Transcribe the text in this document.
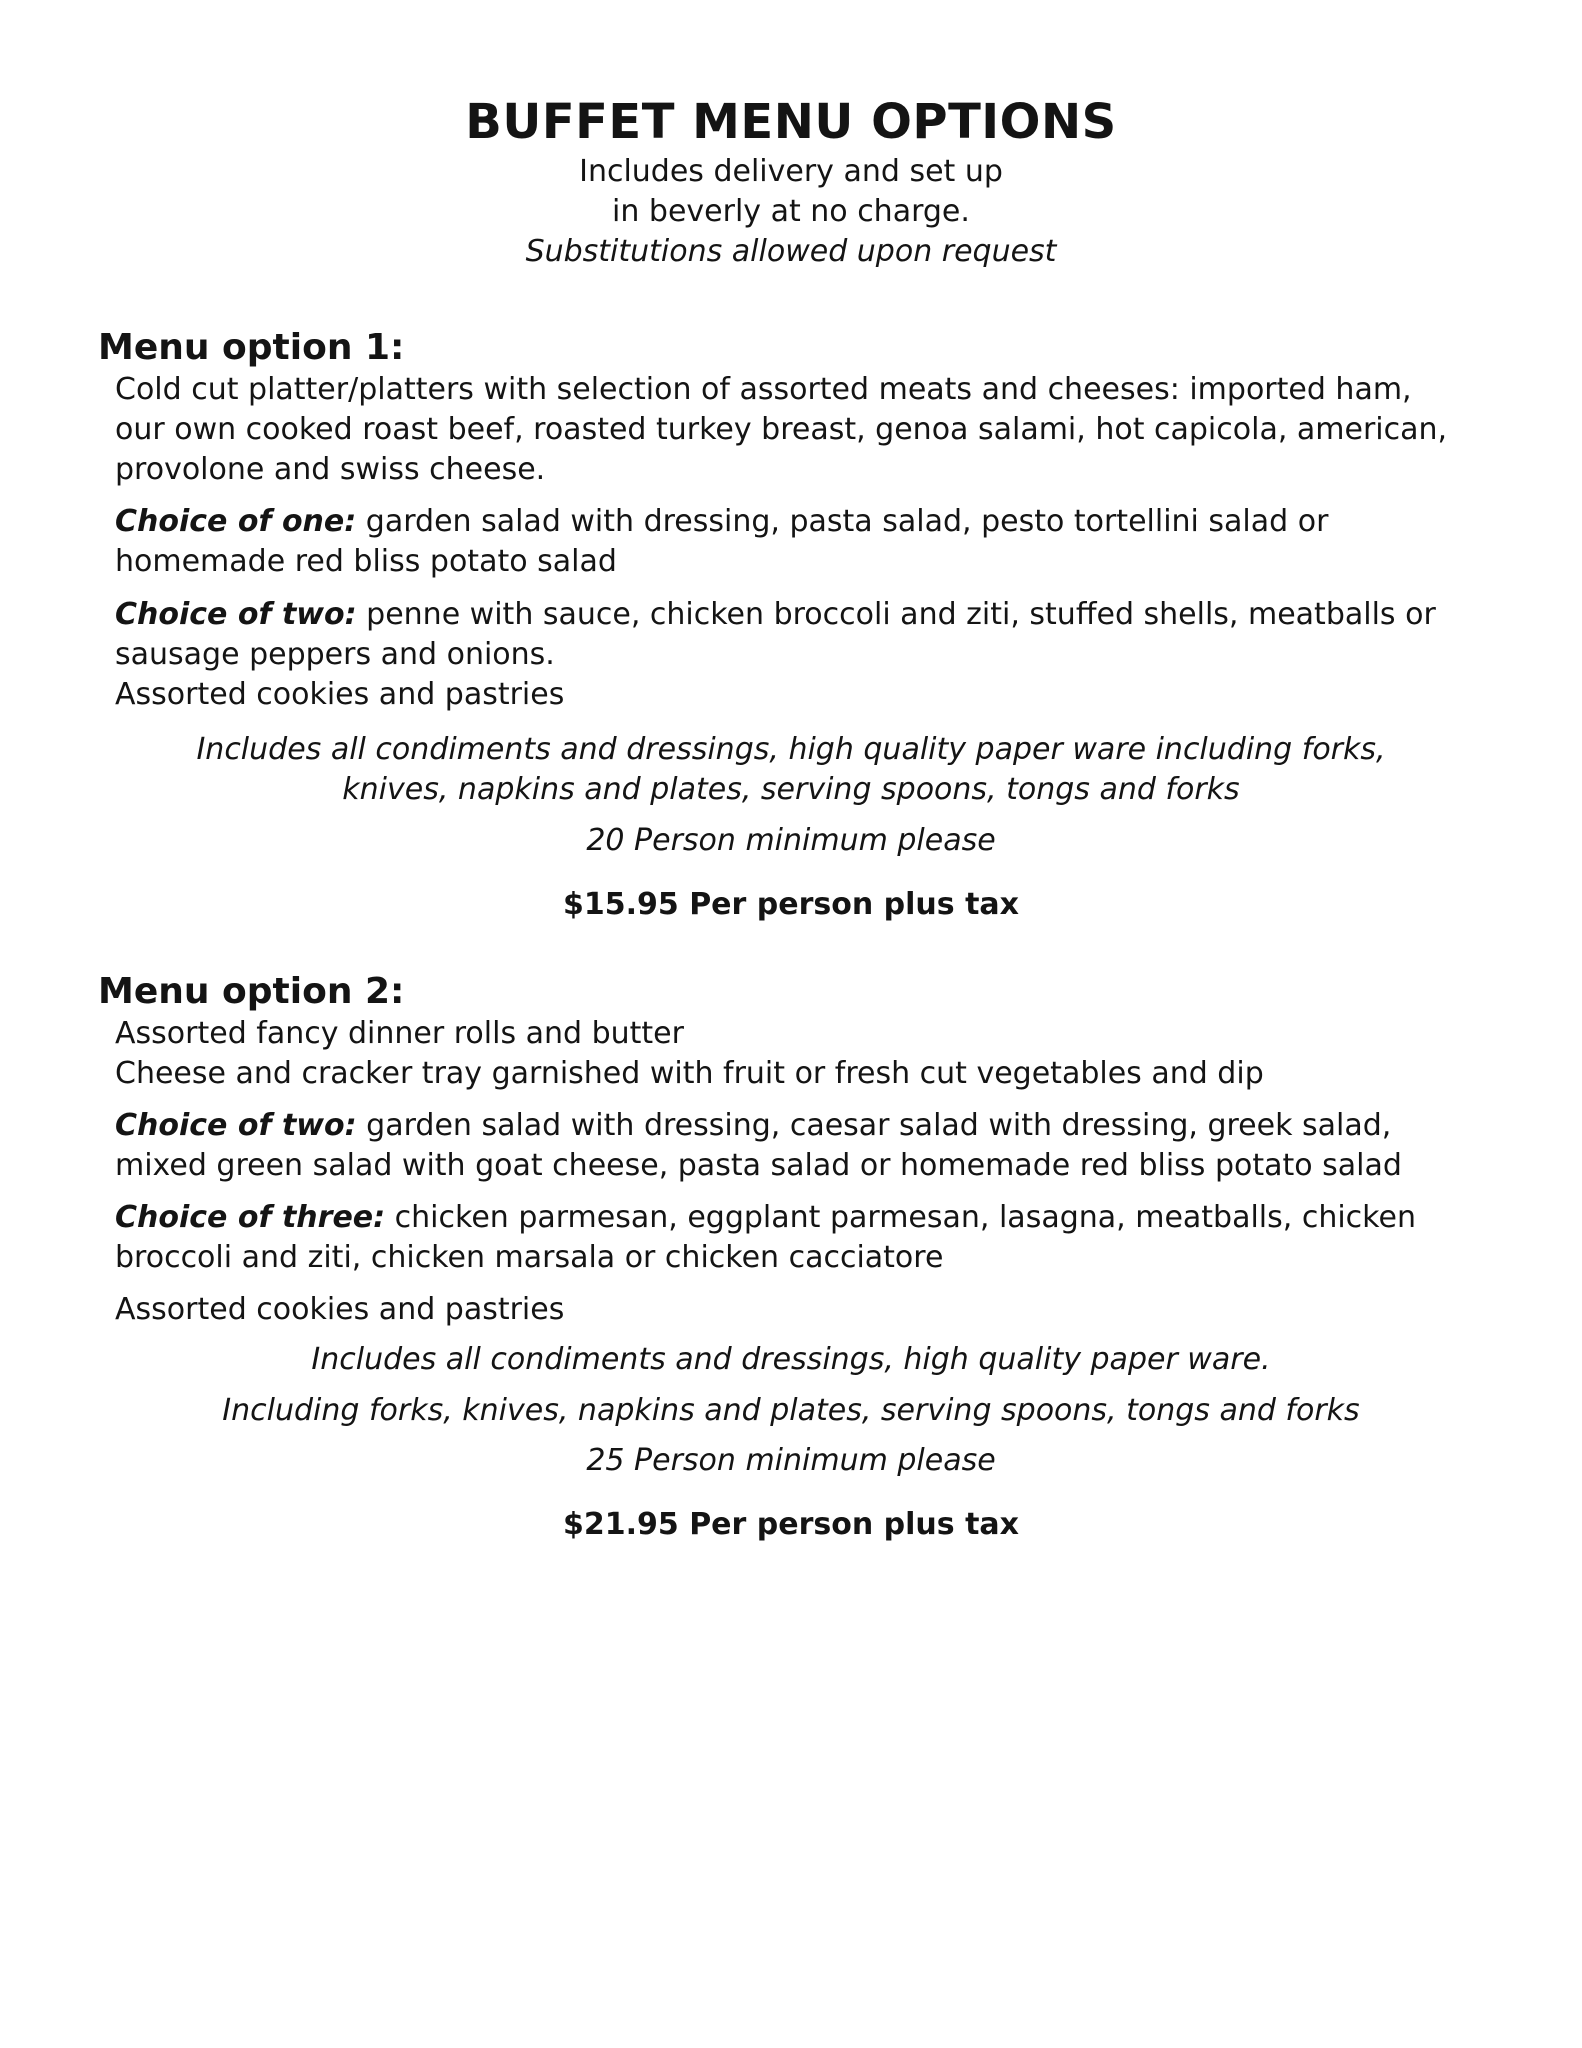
BUFFET MENU OPTIONS

Includes delivery and set up

in beverly at no charge.

Substitutions allowed upon request

Menu option 1:

Cold cut platter/platters with selection of assorted meats and cheeses: imported ham,
our own cooked roast beef, roasted turkey breast, genoa salami, hot capicola, american,
provolone and swiss cheese.

Choice of one: garden salad with dressing, pasta salad, pesto tortellini salad or
homemade red bliss potato salad

Choice of two: penne with sauce, chicken broccoli and ziti, stuffed shells, meatballs or
sausage peppers and onions.
Assorted cookies and pastries

Includes all condiments and dressings, high quality paper ware including forks,

knives, napkins and plates, serving spoons, tongs and forks

20 Person minimum please

$15.95 Per person plus tax

Menu option 2:

Assorted fancy dinner rolls and butter
Cheese and cracker tray garnished with fruit or fresh cut vegetables and dip

Choice of two: garden salad with dressing, caesar salad with dressing, greek salad,
mixed green salad with goat cheese, pasta salad or homemade red bliss potato salad

Choice of three: chicken parmesan, eggplant parmesan, lasagna, meatballs, chicken
broccoli and ziti, chicken marsala or chicken cacciatore

Assorted cookies and pastries

Includes all condiments and dressings, high quality paper ware.

Including forks, knives, napkins and plates, serving spoons, tongs and forks

25 Person minimum please

$21.95 Per person plus tax
